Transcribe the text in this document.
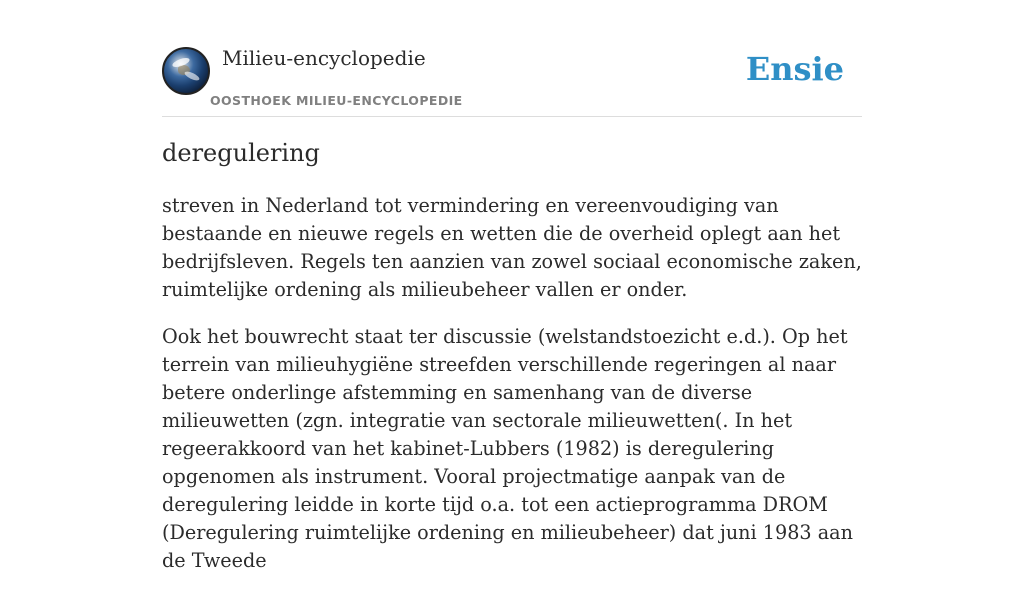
Milieu-encyclopedie
OOSTHOEK MILIEU-ENCYCLOPEDIE
Ensie
deregulering

streven in Nederland tot vermindering en vereenvoudiging van bestaande en nieuwe regels en wetten die de overheid oplegt aan het bedrijfsleven. Regels ten aanzien van zowel sociaal economische zaken, ruimtelijke ordening als milieubeheer vallen er onder.

Ook het bouwrecht staat ter discussie (welstandstoezicht e.d.). Op het terrein van milieuhygiëne streefden verschillende regeringen al naar betere onderlinge afstemming en samenhang van de diverse milieuwetten (zgn. integratie van sectorale milieuwetten(. In het regeerakkoord van het kabinet-Lubbers (1982) is deregulering opgenomen als instrument. Vooral projectmatige aanpak van de deregulering leidde in korte tijd o.a. tot een actieprogramma DROM (Deregulering ruimtelijke ordening en milieubeheer) dat juni 1983 aan de Tweede
